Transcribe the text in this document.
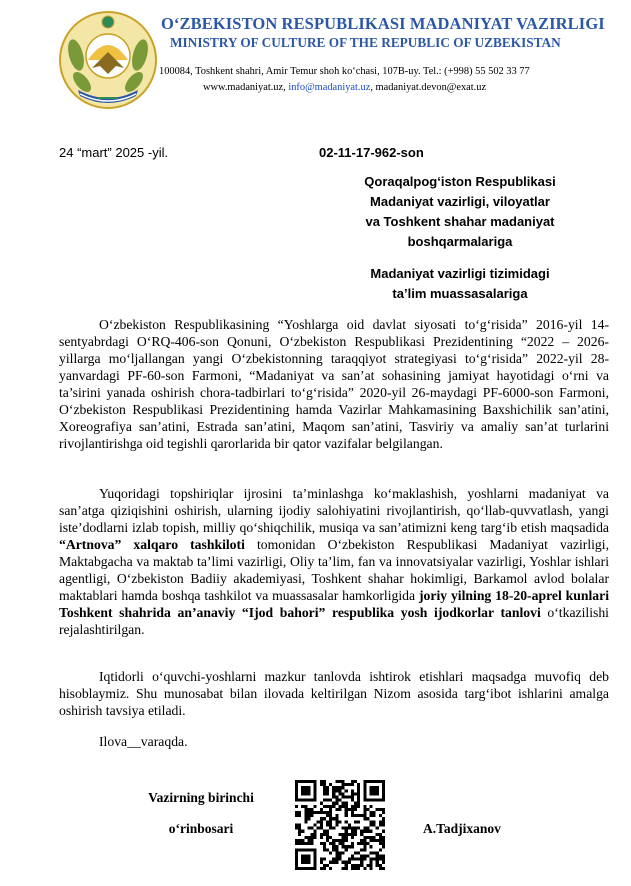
O‘ZBEKISTON RESPUBLIKASI MADANIYAT VAZIRLIGI
MINISTRY OF CULTURE OF THE REPUBLIC OF UZBEKISTAN
100084, Toshkent shahri, Amir Temur shoh ko‘chasi, 107B-uy. Tel.: (+998) 55 502 33 77
www.madaniyat.uz, info@madaniyat.uz, madaniyat.devon@exat.uz
24 “mart” 2025 -yil.	02-11-17-962-son
Qoraqalpog‘iston Respublikasi
Madaniyat vazirligi, viloyatlar
va Toshkent shahar madaniyat
boshqarmalariga
Madaniyat vazirligi tizimidagi
ta’lim muassasalariga

O‘zbekiston Respublikasining “Yoshlarga oid davlat siyosati to‘g‘risida” 2016-yil 14-sentyabrdagi O‘RQ-406-son Qonuni, O‘zbekiston Respublikasi Prezidentining “2022 – 2026-yillarga mo‘ljallangan yangi O‘zbekistonning taraqqiyot strategiyasi to‘g‘risida” 2022-yil 28-yanvardagi PF-60-son Farmoni, “Madaniyat va san’at sohasining jamiyat hayotidagi o‘rni va ta’sirini yanada oshirish chora-tadbirlari to‘g‘risida” 2020-yil 26-maydagi PF-6000-son Farmoni, O‘zbekiston Respublikasi Prezidentining hamda Vazirlar Mahkamasining Baxshichilik san’atini, Xoreografiya san’atini, Estrada san’atini, Maqom san’atini, Tasviriy va amaliy san’at turlarini rivojlantirishga oid tegishli qarorlarida bir qator vazifalar belgilangan.

Yuqoridagi topshiriqlar ijrosini ta’minlashga ko‘maklashish, yoshlarni madaniyat va san’atga qiziqishini oshirish, ularning ijodiy salohiyatini rivojlantirish, qo‘llab-quvvatlash, yangi iste’dodlarni izlab topish, milliy qo‘shiqchilik, musiqa va san’atimizni keng targ‘ib etish maqsadida “Artnova” xalqaro tashkiloti tomonidan O‘zbekiston Respublikasi Madaniyat vazirligi, Maktabgacha va maktab ta’limi vazirligi, Oliy ta’lim, fan va innovatsiyalar vazirligi, Yoshlar ishlari agentligi, O‘zbekiston Badiiy akademiyasi, Toshkent shahar hokimligi, Barkamol avlod bolalar maktablari hamda boshqa tashkilot va muassasalar hamkorligida joriy yilning 18-20-aprel kunlari Toshkent shahrida an’anaviy “Ijod bahori” respublika yosh ijodkorlar tanlovi o‘tkazilishi rejalashtirilgan.

Iqtidorli o‘quvchi-yoshlarni mazkur tanlovda ishtirok etishlari maqsadga muvofiq deb hisoblaymiz. Shu munosabat bilan ilovada keltirilgan Nizom asosida targ‘ibot ishlarini amalga oshirish tavsiya etiladi.

Ilova__varaqda.

Vazirning birinchi
o‘rinbosari	A.Tadjixanov
